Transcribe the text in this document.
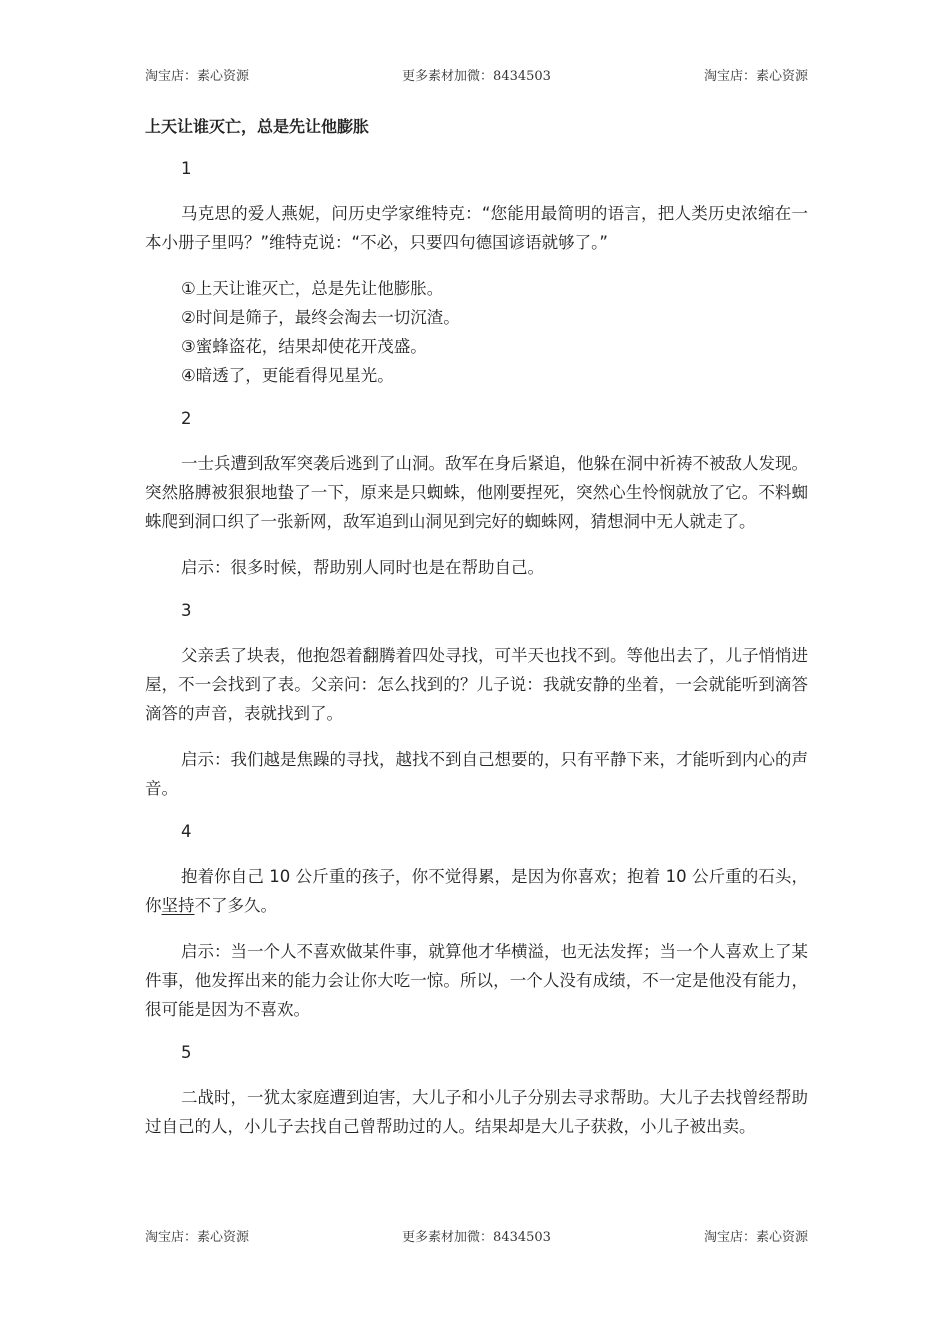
淘宝店：素心资源	更多素材加微：8434503	淘宝店：素心资源
上天让谁灭亡，总是先让他膨胀
1

马克思的爱人燕妮，问历史学家维特克：“您能用最简明的语言，把人类历史浓缩在一本小册子里吗？”维特克说：“不必，只要四句德国谚语就够了。”

①上天让谁灭亡，总是先让他膨胀。
②时间是筛子，最终会淘去一切沉渣。
③蜜蜂盗花，结果却使花开茂盛。
④暗透了，更能看得见星光。
2

一士兵遭到敌军突袭后逃到了山洞。敌军在身后紧追，他躲在洞中祈祷不被敌人发现。突然胳膊被狠狠地蛰了一下，原来是只蜘蛛，他刚要捏死，突然心生怜悯就放了它。不料蜘蛛爬到洞口织了一张新网，敌军追到山洞见到完好的蜘蛛网，猜想洞中无人就走了。

启示：很多时候，帮助别人同时也是在帮助自己。

3

父亲丢了块表，他抱怨着翻腾着四处寻找，可半天也找不到。等他出去了，儿子悄悄进屋，不一会找到了表。父亲问：怎么找到的？儿子说：我就安静的坐着，一会就能听到滴答滴答的声音，表就找到了。

启示：我们越是焦躁的寻找，越找不到自己想要的，只有平静下来，才能听到内心的声音。

4

抱着你自己 10 公斤重的孩子，你不觉得累，是因为你喜欢；抱着 10 公斤重的石头，你坚持不了多久。

启示：当一个人不喜欢做某件事，就算他才华横溢，也无法发挥；当一个人喜欢上了某件事，他发挥出来的能力会让你大吃一惊。所以，一个人没有成绩，不一定是他没有能力，很可能是因为不喜欢。

5

二战时，一犹太家庭遭到迫害，大儿子和小儿子分别去寻求帮助。大儿子去找曾经帮助过自己的人，小儿子去找自己曾帮助过的人。结果却是大儿子获救，小儿子被出卖。

淘宝店：素心资源	更多素材加微：8434503	淘宝店：素心资源
